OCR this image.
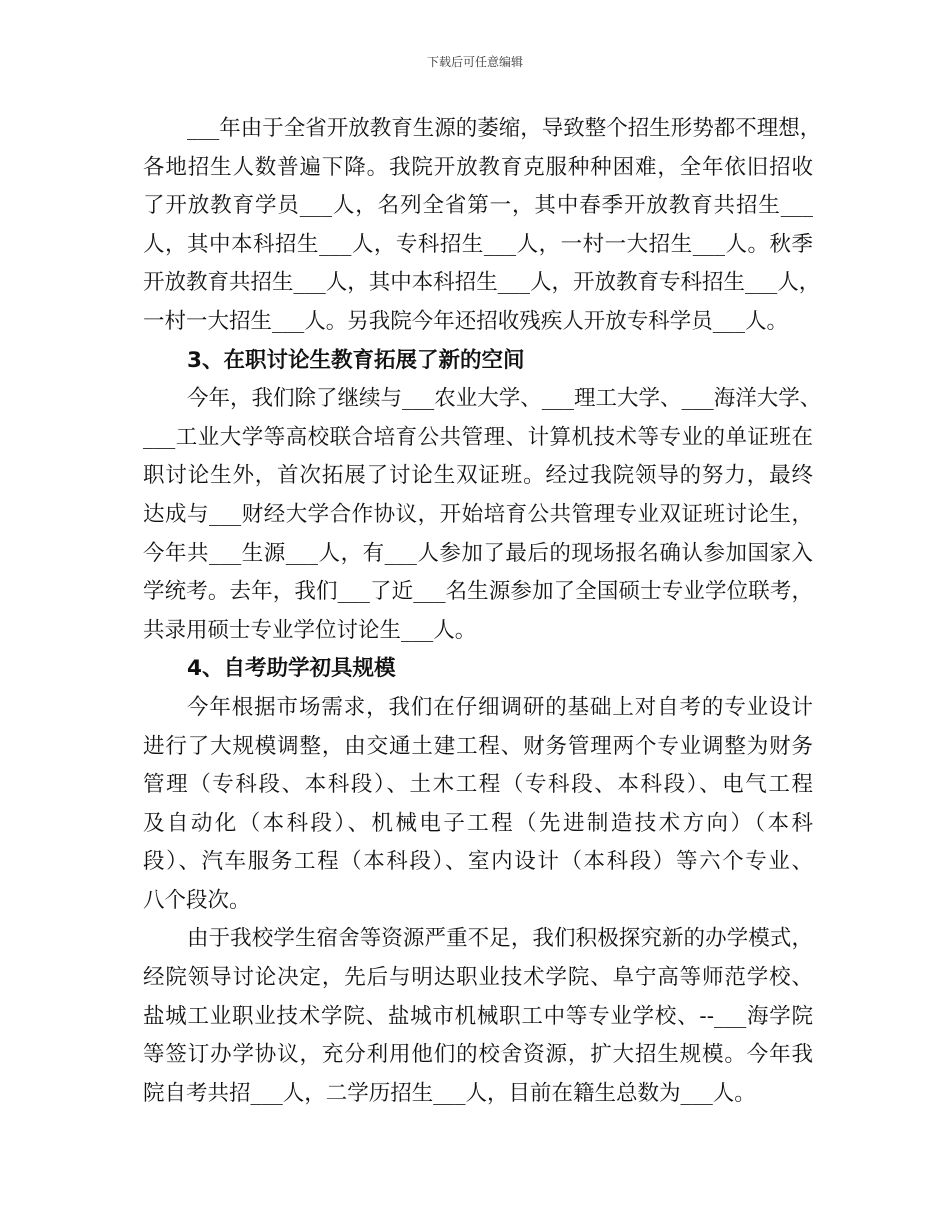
下载后可任意编辑
___年由于全省开放教育生源的萎缩，导致整个招生形势都不理想，
各地招生人数普遍下降。我院开放教育克服种种困难，全年依旧招收
了开放教育学员___人，名列全省第一，其中春季开放教育共招生___
人，其中本科招生___人，专科招生___人，一村一大招生___人。秋季
开放教育共招生___人，其中本科招生___人，开放教育专科招生___人，
一村一大招生___人。另我院今年还招收残疾人开放专科学员___人。
3、在职讨论生教育拓展了新的空间
今年，我们除了继续与___农业大学、___理工大学、___海洋大学、
___工业大学等高校联合培育公共管理、计算机技术等专业的单证班在
职讨论生外，首次拓展了讨论生双证班。经过我院领导的努力，最终
达成与___财经大学合作协议，开始培育公共管理专业双证班讨论生，
今年共___生源___人，有___人参加了最后的现场报名确认参加国家入
学统考。去年，我们___了近___名生源参加了全国硕士专业学位联考，
共录用硕士专业学位讨论生___人。
4、自考助学初具规模
今年根据市场需求，我们在仔细调研的基础上对自考的专业设计
进行了大规模调整，由交通土建工程、财务管理两个专业调整为财务
管理（专科段、本科段）、土木工程（专科段、本科段）、电气工程
及自动化（本科段）、机械电子工程（先进制造技术方向）（本科
段）、汽车服务工程（本科段）、室内设计（本科段）等六个专业、
八个段次。
由于我校学生宿舍等资源严重不足，我们积极探究新的办学模式，
经院领导讨论决定，先后与明达职业技术学院、阜宁高等师范学校、
盐城工业职业技术学院、盐城市机械职工中等专业学校、--___海学院
等签订办学协议，充分利用他们的校舍资源，扩大招生规模。今年我
院自考共招___人，二学历招生___人，目前在籍生总数为___人。
